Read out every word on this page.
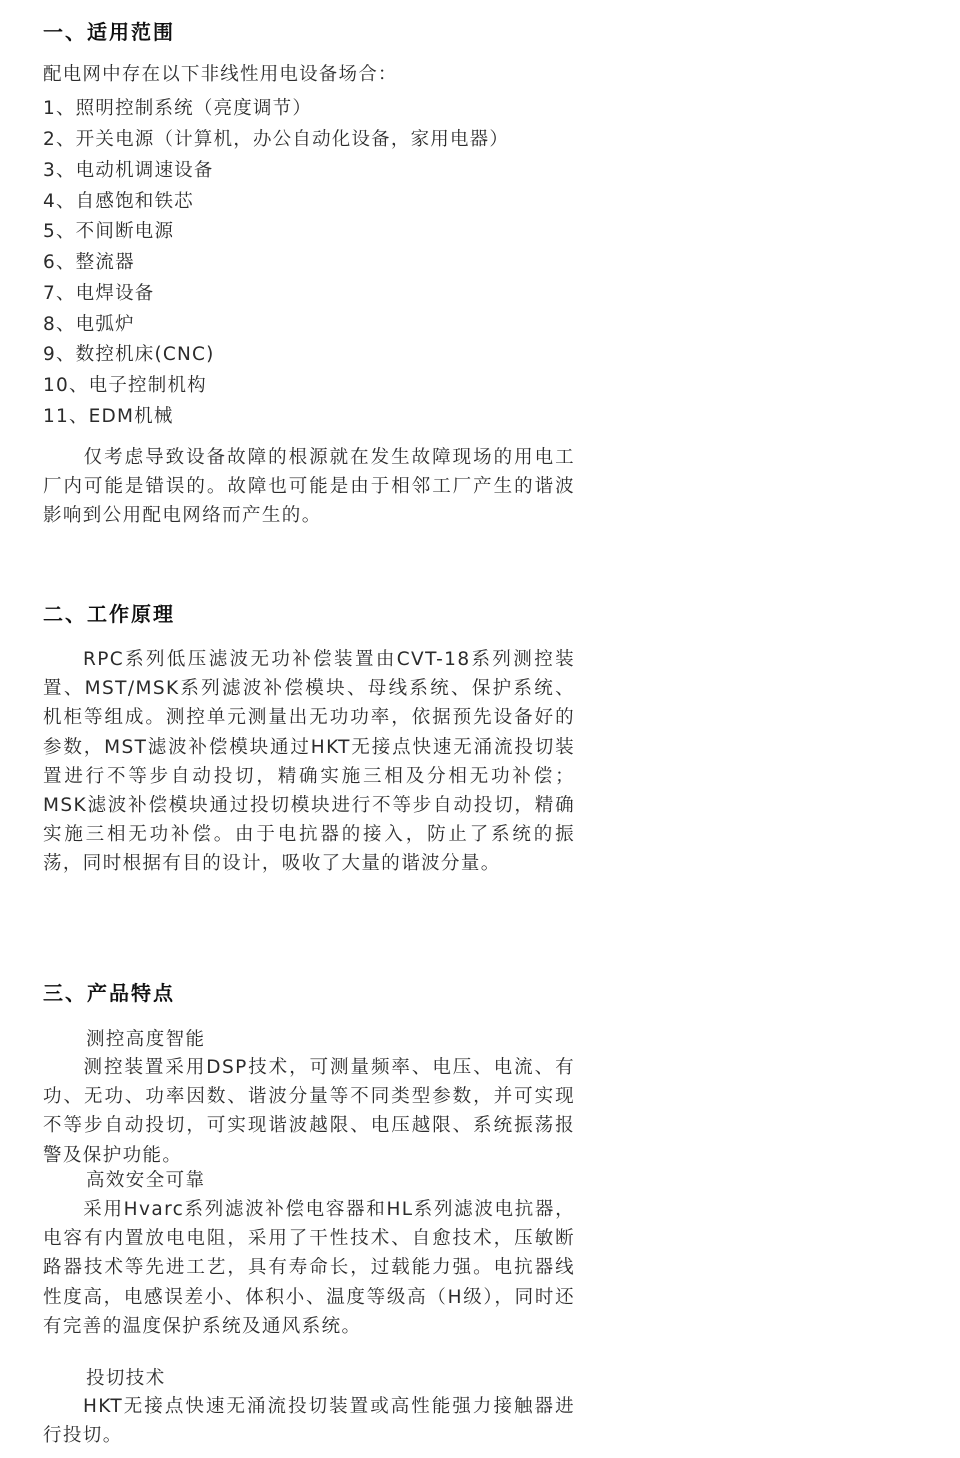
一、适用范围
配电网中存在以下非线性用电设备场合：
1、照明控制系统（亮度调节）
2、开关电源（计算机，办公自动化设备，家用电器）
3、电动机调速设备
4、自感饱和铁芯
5、不间断电源
6、整流器
7、电焊设备
8、电弧炉
9、数控机床(CNC)
10、电子控制机构
11、EDM机械
仅考虑导致设备故障的根源就在发生故障现场的用电工厂内可能是错误的。故障也可能是由于相邻工厂产生的谐波影响到公用配电网络而产生的。
二、工作原理
RPC系列低压滤波无功补偿装置由CVT-18系列测控装置、MST/MSK系列滤波补偿模块、母线系统、保护系统、机柜等组成。测控单元测量出无功功率，依据预先设备好的参数，MST滤波补偿模块通过HKT无接点快速无涌流投切装置进行不等步自动投切，精确实施三相及分相无功补偿；MSK滤波补偿模块通过投切模块进行不等步自动投切，精确实施三相无功补偿。由于电抗器的接入，防止了系统的振荡，同时根据有目的设计，吸收了大量的谐波分量。
三、产品特点
测控高度智能
测控装置采用DSP技术，可测量频率、电压、电流、有功、无功、功率因数、谐波分量等不同类型参数，并可实现不等步自动投切，可实现谐波越限、电压越限、系统振荡报警及保护功能。
高效安全可靠
采用Hvarc系列滤波补偿电容器和HL系列滤波电抗器，电容有内置放电电阻，采用了干性技术、自愈技术，压敏断路器技术等先进工艺，具有寿命长，过载能力强。电抗器线性度高，电感误差小、体积小、温度等级高（H级），同时还有完善的温度保护系统及通风系统。
投切技术
HKT无接点快速无涌流投切装置或高性能强力接触器进行投切。
